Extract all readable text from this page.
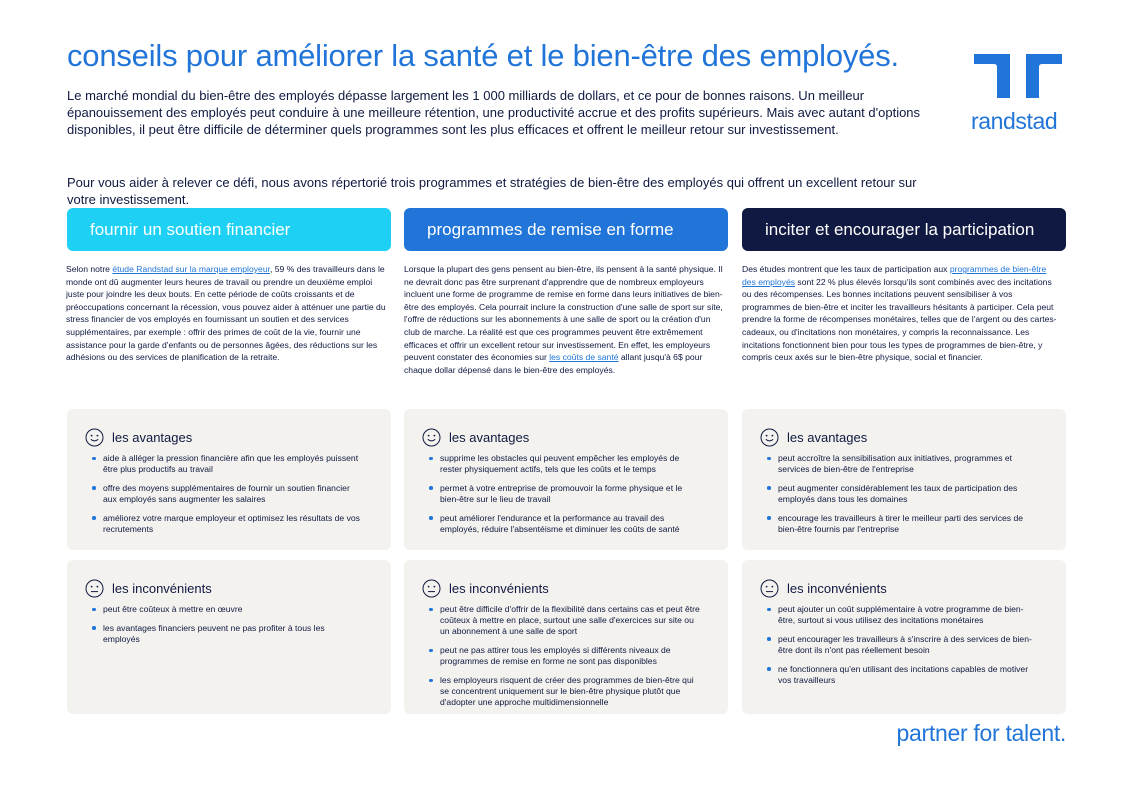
conseils pour améliorer la santé et le bien-être des employés.
randstad

Le marché mondial du bien-être des employés dépasse largement les 1 000 milliards de dollars, et ce pour de bonnes raisons. Un meilleur épanouissement des employés peut conduire à une meilleure rétention, une productivité accrue et des profits supérieurs. Mais avec autant d'options disponibles, il peut être difficile de déterminer quels programmes sont les plus efficaces et offrent le meilleur retour sur investissement.

Pour vous aider à relever ce défi, nous avons répertorié trois programmes et stratégies de bien-être des employés qui offrent un excellent retour sur votre investissement.

fournir un soutien financier	programmes de remise en forme	inciter et encourager la participation

Selon notre étude Randstad sur la marque employeur, 59 % des travailleurs dans le monde ont dû augmenter leurs heures de travail ou prendre un deuxième emploi juste pour joindre les deux bouts. En cette période de coûts croissants et de préoccupations concernant la récession, vous pouvez aider à atténuer une partie du stress financier de vos employés en fournissant un soutien et des services supplémentaires, par exemple : offrir des primes de coût de la vie, fournir une assistance pour la garde d'enfants ou de personnes âgées, des réductions sur les adhésions ou des services de planification de la retraite.

Lorsque la plupart des gens pensent au bien-être, ils pensent à la santé physique. Il ne devrait donc pas être surprenant d'apprendre que de nombreux employeurs incluent une forme de programme de remise en forme dans leurs initiatives de bien-être des employés. Cela pourrait inclure la construction d'une salle de sport sur site, l'offre de réductions sur les abonnements à une salle de sport ou la création d'un club de marche. La réalité est que ces programmes peuvent être extrêmement efficaces et offrir un excellent retour sur investissement. En effet, les employeurs peuvent constater des économies sur les coûts de santé allant jusqu'à 6$ pour chaque dollar dépensé dans le bien-être des employés.

Des études montrent que les taux de participation aux programmes de bien-être des employés sont 22 % plus élevés lorsqu'ils sont combinés avec des incitations ou des récompenses. Les bonnes incitations peuvent sensibiliser à vos programmes de bien-être et inciter les travailleurs hésitants à participer. Cela peut prendre la forme de récompenses monétaires, telles que de l'argent ou des cartes-cadeaux, ou d'incitations non monétaires, y compris la reconnaissance. Les incitations fonctionnent bien pour tous les types de programmes de bien-être, y compris ceux axés sur le bien-être physique, social et financier.

les avantages
aide à alléger la pression financière afin que les employés puissent être plus productifs au travail
offre des moyens supplémentaires de fournir un soutien financier aux employés sans augmenter les salaires
améliorez votre marque employeur et optimisez les résultats de vos recrutements
les avantages
supprime les obstacles qui peuvent empêcher les employés de rester physiquement actifs, tels que les coûts et le temps
permet à votre entreprise de promouvoir la forme physique et le bien-être sur le lieu de travail
peut améliorer l'endurance et la performance au travail des employés, réduire l'absentéisme et diminuer les coûts de santé
les avantages
peut accroître la sensibilisation aux initiatives, programmes et services de bien-être de l'entreprise
peut augmenter considérablement les taux de participation des employés dans tous les domaines
encourage les travailleurs à tirer le meilleur parti des services de bien-être fournis par l'entreprise
les inconvénients
peut être coûteux à mettre en œuvre
les avantages financiers peuvent ne pas profiter à tous les employés
les inconvénients
peut être difficile d'offrir de la flexibilité dans certains cas et peut être coûteux à mettre en place, surtout une salle d'exercices sur site ou un abonnement à une salle de sport
peut ne pas attirer tous les employés si différents niveaux de programmes de remise en forme ne sont pas disponibles
les employeurs risquent de créer des programmes de bien-être qui se concentrent uniquement sur le bien-être physique plutôt que d'adopter une approche multidimensionnelle
les inconvénients
peut ajouter un coût supplémentaire à votre programme de bien-être, surtout si vous utilisez des incitations monétaires
peut encourager les travailleurs à s'inscrire à des services de bien-être dont ils n'ont pas réellement besoin
ne fonctionnera qu'en utilisant des incitations capables de motiver vos travailleurs
partner for talent.
